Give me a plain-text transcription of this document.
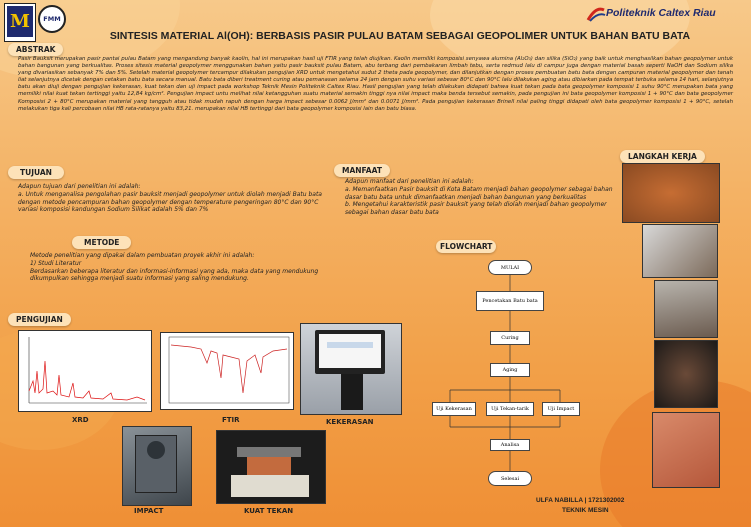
M	FMM	Politeknik Caltex Riau
SINTESIS MATERIAL Al(OH): BERBASIS PASIR PULAU BATAM SEBAGAI GEOPOLIMER UNTUK BAHAN BATU BATA
ABSTRAK
Pasir Bauksit merupakan pasir pantai pulau Batam yang mengandung banyak kaolin, hal ini merupakan hasil uji FTIR yang telah diujikan. Kaolin memiliki komposisi senyawa alumina (Al₂O₃) dan silika (SiO₂) yang baik untuk menghasilkan bahan geopolymer untuk bahan bangunan yang berkualitas. Proses sitesis material geopolymer menggunakan bahan yaitu pasir bauksit pulau Batam, abu terbang dari pembakaran limbah tebu, serta redmud lalu di campur juga dengan material basah seperti NaOH dan Sodium silika yang divariasikan sebanyak 7% dan 5%. Setelah material geopolymer tercampur dilakukan pengujian XRD untuk mengetahui sudut 2 theta pada geopolymer, dan dilanjutkan dengan proses pembuatan batu bata dengan campuran material geopolymer dan tanah liat selanjutnya dicetak dengan cetakan batu bata secara manual. Batu bata diberi treatment curing atau pemanasan selama 24 jam dengan suhu variasi sebesar 80°C dan 90°C lalu dilakukan aging atau dibiarkan pada tempat terbuka selama 14 hari, selanjutnya batu akan diuji dengan pengujian kekerasan, kuat tekan dan uji impact pada workshop Teknik Mesin Politeknik Caltex Riau. Hasil pengujian yang telah dilakukan didapati bahwa kuat tekan pada bata geopolymer komposisi 1 suhu 90°C merupakan bata yang memiliki nilai kuat tekan tertinggi yaitu 12,84 kg/cm². Pengujian impact untu melihat nilai ketangguhan suatu material semakin tinggi nya nilai impact maka benda tersebut semakin, pada pengujian ini bata geopolymer komposisi 1 + 90°C dan bata geopolymer Komposisi 2 + 80°C merupakan material yang tangguh atau tidak mudah rapuh dengan harga impact sebesar 0.0062 J/mm² dan 0.0071 J/mm². Pada pengujian kekerasan Brinell nilai paling tinggi didapati oleh bata geopolymer komposisi 1 + 90°C, setelah melakukan tiga kali percobaan nilai HB rata-ratanya yaitu 83,21. merupakan nilai HB tertinggi dari bata geopolymer komposisi lain dan batu biasa.
TUJUAN
Adapun tujuan dari penelitian ini adalah:
a. Untuk menganalisa pengolahan pasir bauksit menjadi geopolymer untuk diolah menjadi Batu bata dengan metode pencampuran bahan geopolymer dengan temperature pengeringan 80°C dan 90°C variasi komposisi kandungan Sodium Silikat adalah 5% dan 7%
MANFAAT
Adapun manfaat dari penelitian ini adalah:
a. Memanfaatkan Pasir bauksit di Kota Batam menjadi bahan geopolymer sebagai bahan dasar batu bata untuk dimanfaatkan menjadi bahan bangunan yang berkualitas
b. Mengetahui karakteristik pasir bauksit yang telah diolah menjadi bahan geopolymer sebagai bahan dasar batu bata
METODE
Metode penelitian yang dipakai dalam pembuatan proyek akhir ini adalah:
1) Studi Literatur
Berdasarkan beberapa literatur dan informasi-informasi yang ada, maka data yang mendukung dikumpulkan sehingga menjadi suatu informasi yang saling mendukung.
PENGUJIAN
XRD	FTIR	KEKERASAN
IMPACT	KUAT TEKAN
LANGKAH KERJA
FLOWCHART
MULAI
Pencetakan Batu bata
Curing
Aging
Uji Kekerasan	Uji Tekan-tarik	Uji Impact
Analisa
Selesai
ULFA NABILLA | 1721302002
TEKNIK MESIN
